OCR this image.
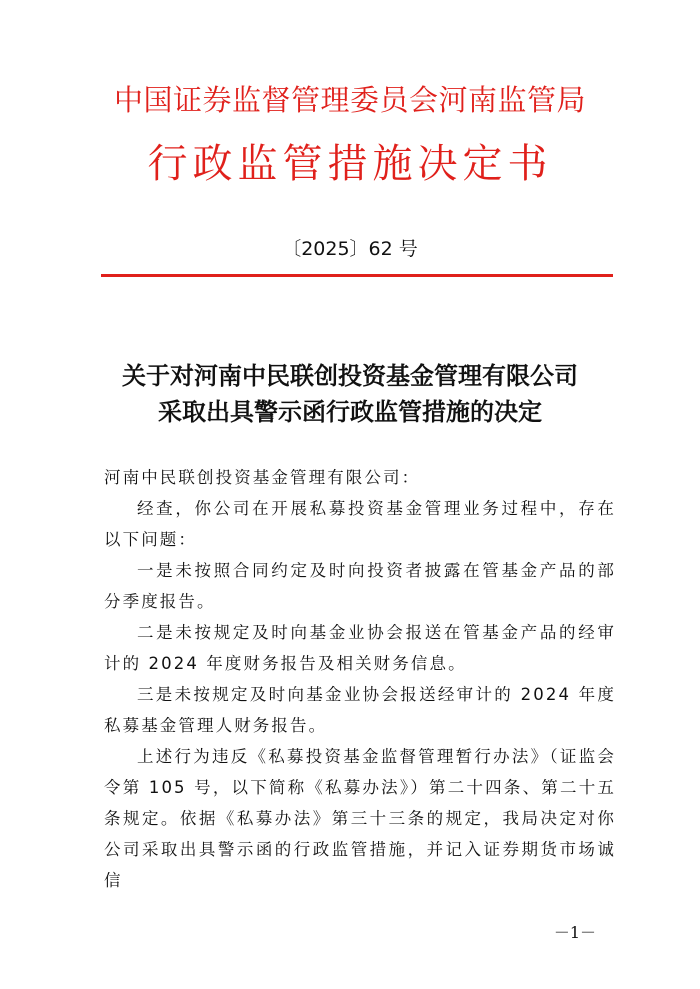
中国证券监督管理委员会河南监管局
行政监管措施决定书
〔2025〕62 号
关于对河南中民联创投资基金管理有限公司
采取出具警示函行政监管措施的决定

河南中民联创投资基金管理有限公司：

经查，你公司在开展私募投资基金管理业务过程中，存在以下问题：

一是未按照合同约定及时向投资者披露在管基金产品的部分季度报告。

二是未按规定及时向基金业协会报送在管基金产品的经审计的 2024 年度财务报告及相关财务信息。

三是未按规定及时向基金业协会报送经审计的 2024 年度私募基金管理人财务报告。

上述行为违反《私募投资基金监督管理暂行办法》（证监会令第 105 号，以下简称《私募办法》）第二十四条、第二十五条规定。依据《私募办法》第三十三条的规定，我局决定对你公司采取出具警示函的行政监管措施，并记入证券期货市场诚信

－1－
